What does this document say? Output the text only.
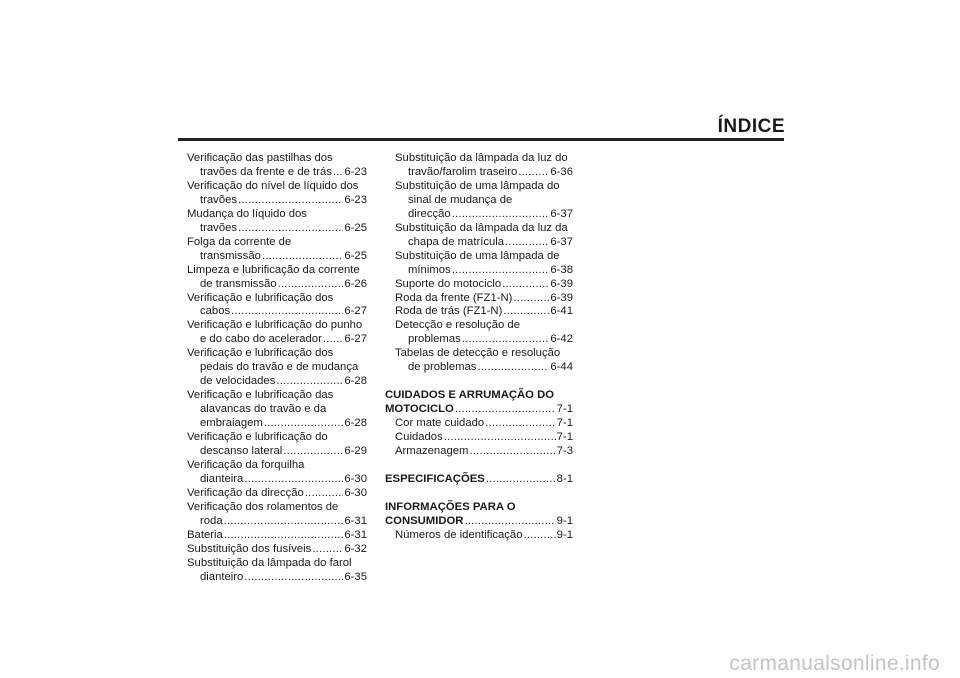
ÍNDICE
Verificação das pastilhas dos
travões da frente e de trás ..... 6-23
Verificação do nível de líquido dos
travões .....	6-23
Mudança do líquido dos
travões .....	6-25
Folga da corrente de
transmissão .....	6-25
Limpeza e lubrificação da corrente
de transmissão .....	6-26
Verificação e lubrificação dos
cabos .....	6-27
Verificação e lubrificação do punho
e do cabo do acelerador ..... 6-27
Verificação e lubrificação dos
pedais do travão e de mudança
de velocidades .....	6-28
Verificação e lubrificação das
alavancas do travão e da
embraiagem .....	6-28
Verificação e lubrificação do
descanso lateral .....	6-29
Verificação da forquilha
dianteira .....	6-30
Verificação da direcção .....	6-30
Verificação dos rolamentos de
roda .....	6-31
Bateria .....	6-31
Substituição dos fusíveis .....	6-32
Substituição da lâmpada do farol
dianteiro .....	6-35
Substituição da lâmpada da luz do
travão/farolim traseiro .....	6-36
Substituição de uma lâmpada do
sinal de mudança de
direcção .....	6-37
Substituição da lâmpada da luz da
chapa de matrícula .....	6-37
Substituição de uma lâmpada de
mínimos .....	6-38
Suporte do motociclo .....	6-39
Roda da frente (FZ1-N) .....	6-39
Roda de trás (FZ1-N) .....	6-41
Detecção e resolução de
problemas .....	6-42
Tabelas de detecção e resolução
de problemas .....	6-44
CUIDADOS E ARRUMAÇÃO DO
MOTOCICLO .....	7-1
Cor mate cuidado .....	7-1
Cuidados .....	7-1
Armazenagem .....	7-3
ESPECIFICAÇÕES .....	8-1
INFORMAÇÕES PARA O
CONSUMIDOR .....	9-1
Números de identificação .....	9-1
carmanualsonline.info
